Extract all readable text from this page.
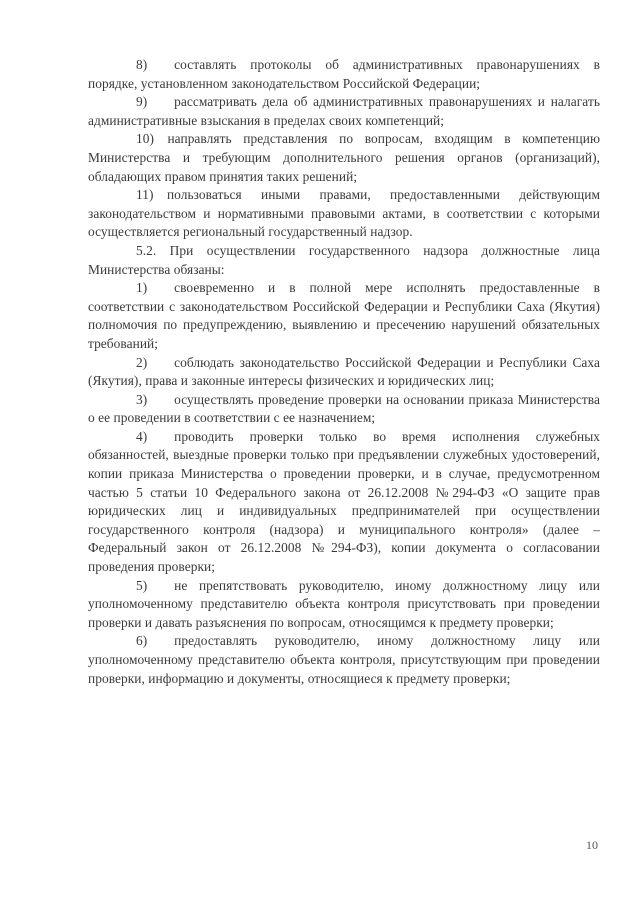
8)  составлять протоколы об административных правонарушениях в порядке, установленном законодательством Российской Федерации;

9)  рассматривать дела об административных правонарушениях и налагать административные взыскания в пределах своих компетенций;

10) направлять представления по вопросам, входящим в компетенцию Министерства и требующим дополнительного решения органов (организаций), обладающих правом принятия таких решений;

11) пользоваться иными правами, предоставленными действующим законодательством и нормативными правовыми актами, в соответствии с которыми осуществляется региональный государственный надзор.

5.2. При осуществлении государственного надзора должностные лица Министерства обязаны:

1)  своевременно и в полной мере исполнять предоставленные в соответствии с законодательством Российской Федерации и Республики Саха (Якутия) полномочия по предупреждению, выявлению и пресечению нарушений обязательных требований;

2)  соблюдать законодательство Российской Федерации и Республики Саха (Якутия), права и законные интересы физических и юридических лиц;

3)  осуществлять проведение проверки на основании приказа Министерства о ее проведении в соответствии с ее назначением;

4)  проводить проверки только во время исполнения служебных обязанностей, выездные проверки только при предъявлении служебных удостоверений, копии приказа Министерства о проведении проверки, и в случае, предусмотренном частью 5 статьи 10 Федерального закона от 26.12.2008 №294-ФЗ «О защите прав юридических лиц и индивидуальных предпринимателей при осуществлении государственного контроля (надзора) и муниципального контроля» (далее – Федеральный закон от 26.12.2008 №294-ФЗ), копии документа о согласовании проведения проверки;

5)  не препятствовать руководителю, иному должностному лицу или уполномоченному представителю объекта контроля присутствовать при проведении проверки и давать разъяснения по вопросам, относящимся к предмету проверки;

6)  предоставлять руководителю, иному должностному лицу или уполномоченному представителю объекта контроля, присутствующим при проведении проверки, информацию и документы, относящиеся к предмету проверки;

10
